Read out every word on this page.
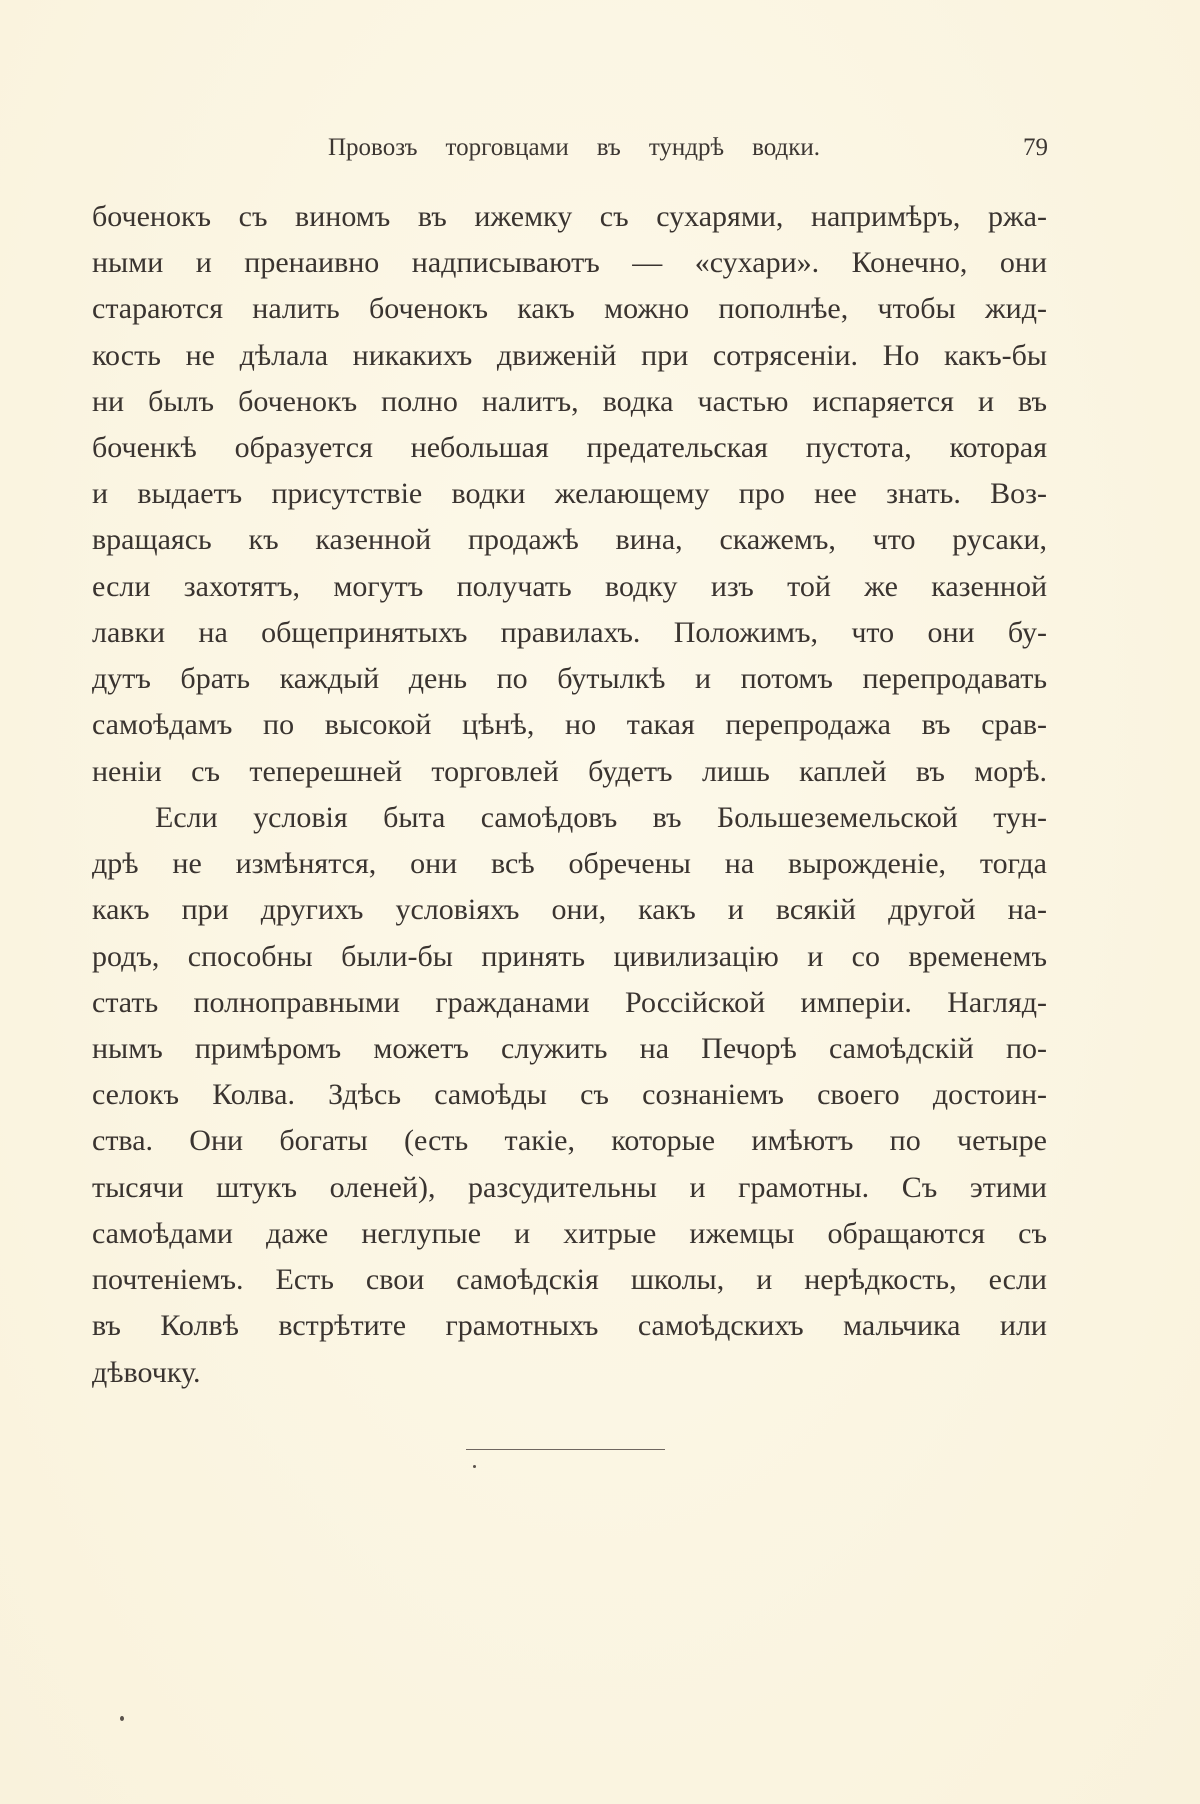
Провозъ торговцами въ тундрѣ водки.	79
боченокъ съ виномъ въ ижемку съ сухарями, напримѣръ, ржа-
ными и пренаивно надписываютъ — «сухари». Конечно, они
стараются налить боченокъ какъ можно пополнѣе, чтобы жид-
кость не дѣлала никакихъ движеній при сотрясеніи. Но какъ-бы
ни былъ боченокъ полно налитъ, водка частью испаряется и въ
боченкѣ образуется небольшая предательская пустота, которая
и выдаетъ присутствіе водки желающему про нее знать. Воз-
вращаясь къ казенной продажѣ вина, скажемъ, что русаки,
если захотятъ, могутъ получать водку изъ той же казенной
лавки на общепринятыхъ правилахъ. Положимъ, что они бу-
дутъ брать каждый день по бутылкѣ и потомъ перепродавать
самоѣдамъ по высокой цѣнѣ, но такая перепродажа въ срав-
неніи съ теперешней торговлей будетъ лишь каплей въ морѣ.
Если условія быта самоѣдовъ въ Большеземельской тун-
дрѣ не измѣнятся, они всѣ обречены на вырожденіе, тогда
какъ при другихъ условіяхъ они, какъ и всякій другой на-
родъ, способны были-бы принять цивилизацію и со временемъ
стать полноправными гражданами Россійской имперіи. Нагляд-
нымъ примѣромъ можетъ служить на Печорѣ самоѣдскій по-
селокъ Колва. Здѣсь самоѣды съ сознаніемъ своего достоин-
ства. Они богаты (есть такіе, которые имѣютъ по четыре
тысячи штукъ оленей), разсудительны и грамотны. Съ этими
самоѣдами даже неглупые и хитрые ижемцы обращаются съ
почтеніемъ. Есть свои самоѣдскія школы, и нерѣдкость, если
въ Колвѣ встрѣтите грамотныхъ самоѣдскихъ мальчика или
дѣвочку.
